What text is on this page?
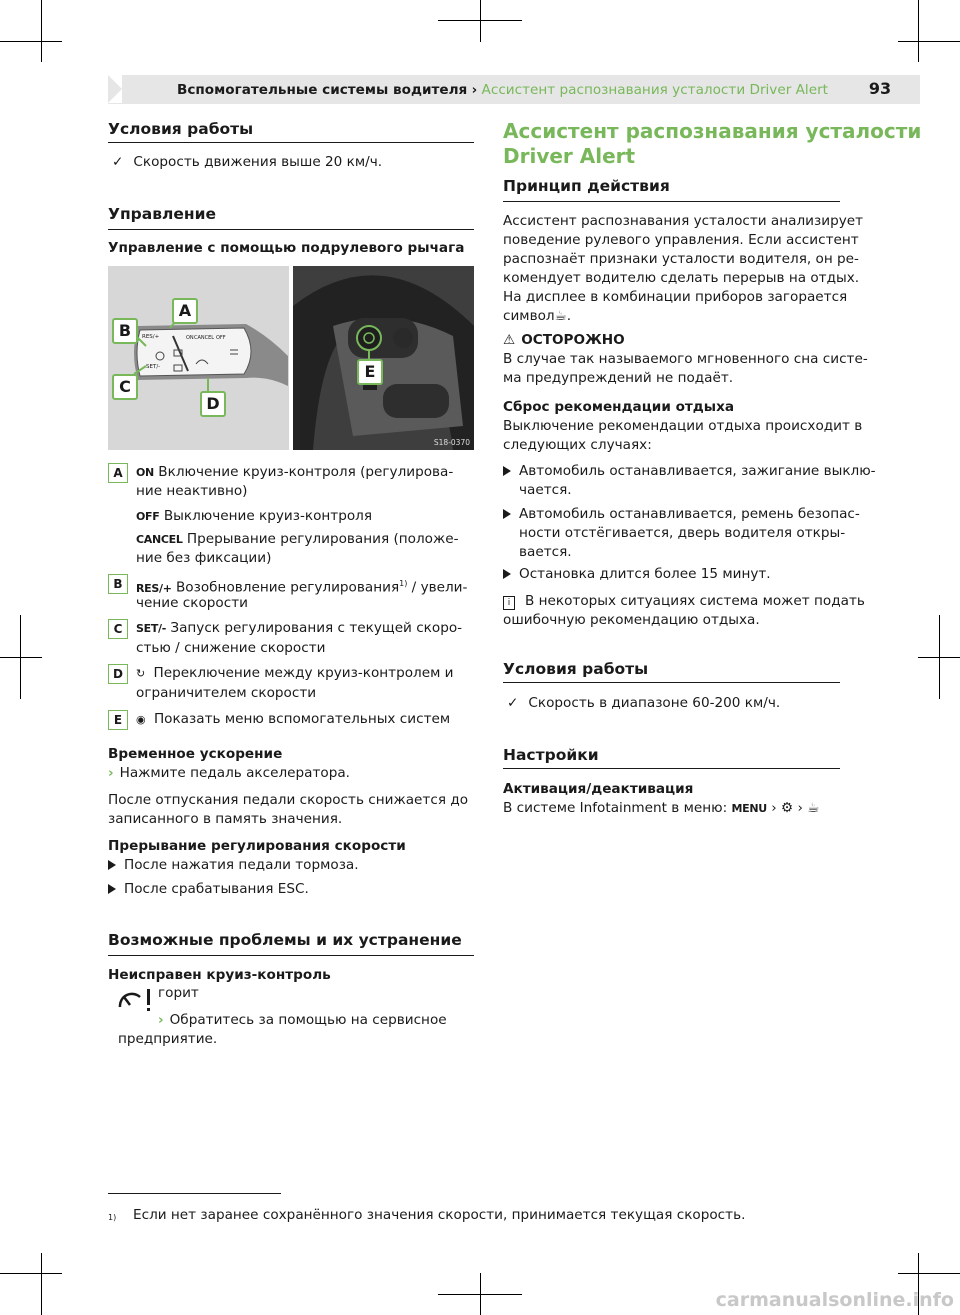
Вспомогательные системы водителя › Ассистент распознавания усталости Driver Alert	93
Условия работы
✓ Скорость движения выше 20 км/ч.
Управление
Управление с помощью подрулевого рычага
RES/+	ON CANCEL OFF
SET/-
A
B
C
D
E
S18-0370
A	ON Включение круиз-контроля (регулирова-
ние неактивно)
OFF Выключение круиз-контроля
CANCEL Прерывание регулирования (положе-
ние без фиксации)
B	RES/+ Возобновление регулирования$^{1)}$ / увели-
чение скорости
C	SET/- Запуск регулирования с текущей скоро-
стью / снижение скорости
D	↻ Переключение между круиз-контролем и
ограничителем скорости
E	◉ Показать меню вспомогательных систем
Временное ускорение
› Нажмите педаль акселератора.
После отпускания педали скорость снижается до
записанного в память значения.
Прерывание регулирования скорости
После нажатия педали тормоза.
После срабатывания ESC.
Возможные проблемы и их устранение
Неисправен круиз-контроль
горит
› Обратитесь за помощью на сервисное
предприятие.
Ассистент распознавания усталости
Driver Alert
Принцип действия
Ассистент распознавания усталости анализирует
поведение рулевого управления. Если ассистент
распознаёт признаки усталости водителя, он ре-
комендует водителю сделать перерыв на отдых.
На дисплее в комбинации приборов загорается
символ☕.
⚠ ОСТОРОЖНО
В случае так называемого мгновенного сна систе-
ма предупреждений не подаёт.
Сброс рекомендации отдыха
Выключение рекомендации отдыха происходит в
следующих случаях:
Автомобиль останавливается, зажигание выклю-
чается.
Автомобиль останавливается, ремень безопас-
ности отстёгивается, дверь водителя откры-
вается.
Остановка длится более 15 минут.
i В некоторых ситуациях система может подать
ошибочную рекомендацию отдыха.
Условия работы
✓ Скорость в диапазоне 60-200 км/ч.
Настройки
Активация/деактивация
В системе Infotainment в меню: MENU › ⚙ › ☕
1) Если нет заранее сохранённого значения скорости, принимается текущая скорость.
carmanualsonline.info
